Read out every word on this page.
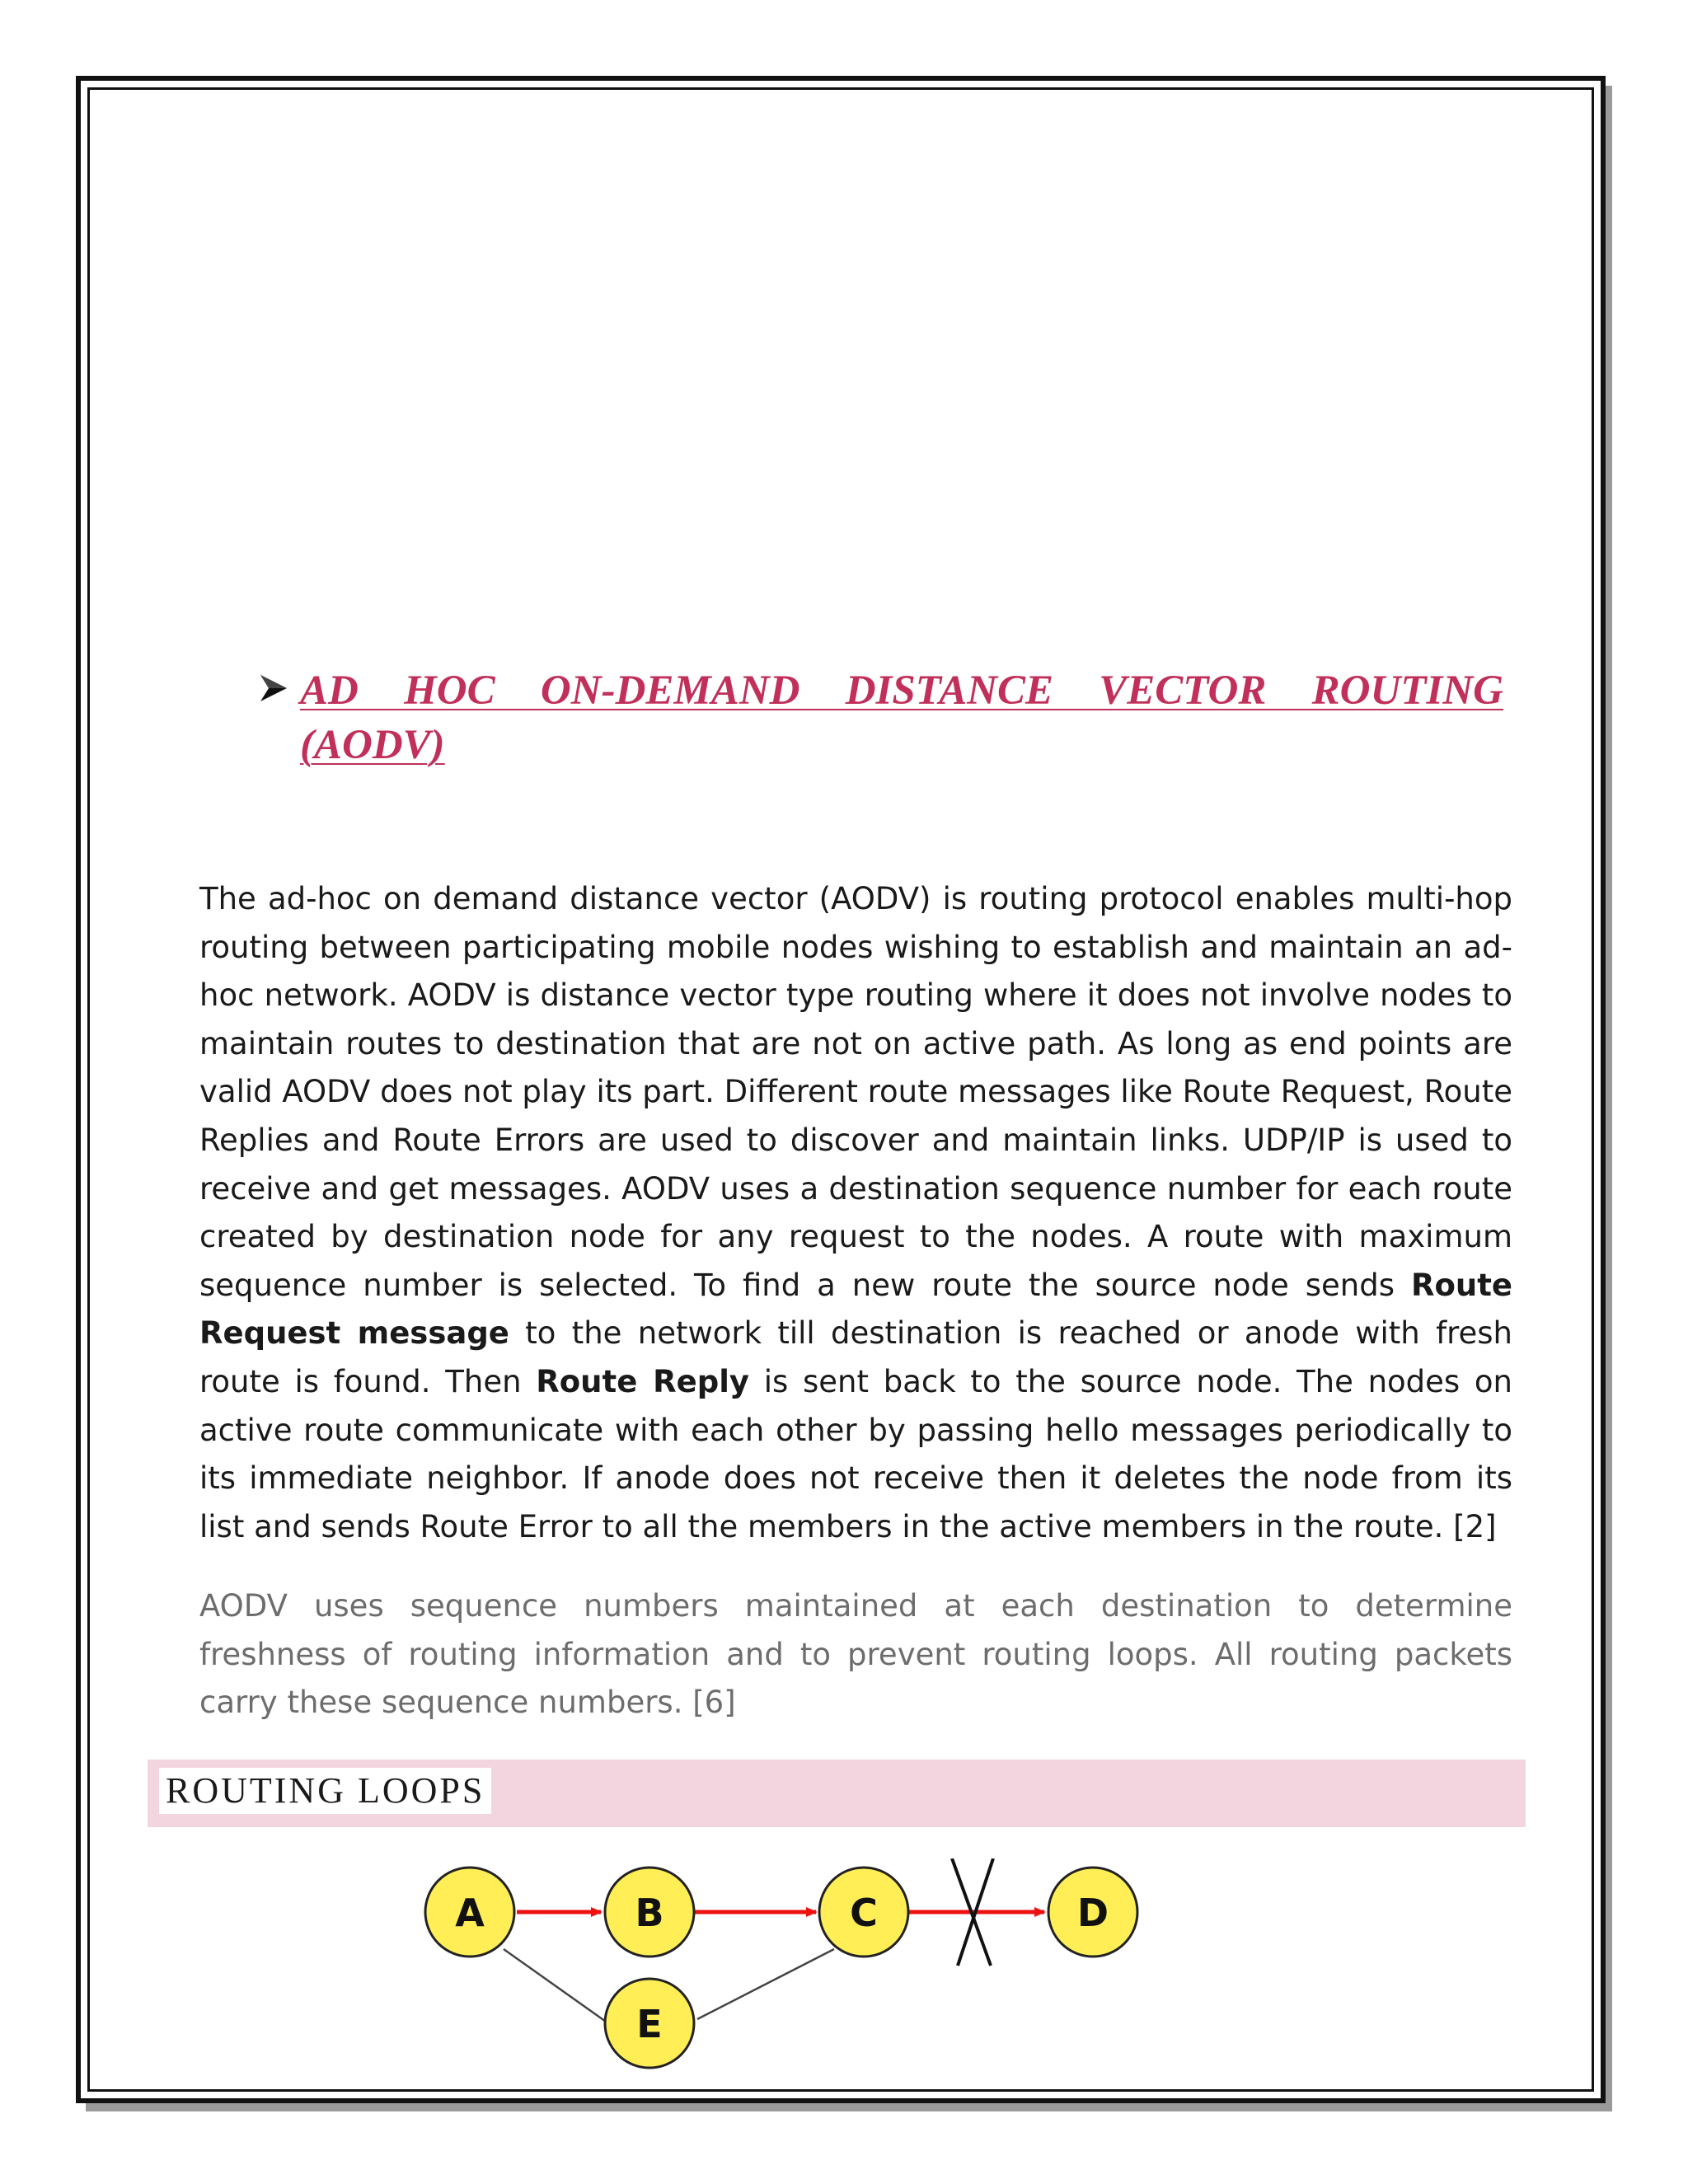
AD HOC ON-DEMAND DISTANCE VECTOR ROUTING
(AODV)

The ad-hoc on demand distance vector (AODV) is routing protocol enables multi-hop routing between participating mobile nodes wishing to establish and maintain an ad-hoc network. AODV is distance vector type routing where it does not involve nodes to maintain routes to destination that are not on active path. As long as end points are valid AODV does not play its part. Different route messages like Route Request, Route Replies and Route Errors are used to discover and maintain links. UDP/IP is used to receive and get messages. AODV uses a destination sequence number for each route created by destination node for any request to the nodes. A route with maximum sequence number is selected. To find a new route the source node sends Route Request message to the network till destination is reached or anode with fresh route is found. Then Route Reply is sent back to the source node. The nodes on active route communicate with each other by passing hello messages periodically to its immediate neighbor. If anode does not receive then it deletes the node from its list and sends Route Error to all the members in the active members in the route. [2]

AODV uses sequence numbers maintained at each destination to determine freshness of routing information and to prevent routing loops. All routing packets carry these sequence numbers. [6]

ROUTING LOOPS
A	B	C	D
E
